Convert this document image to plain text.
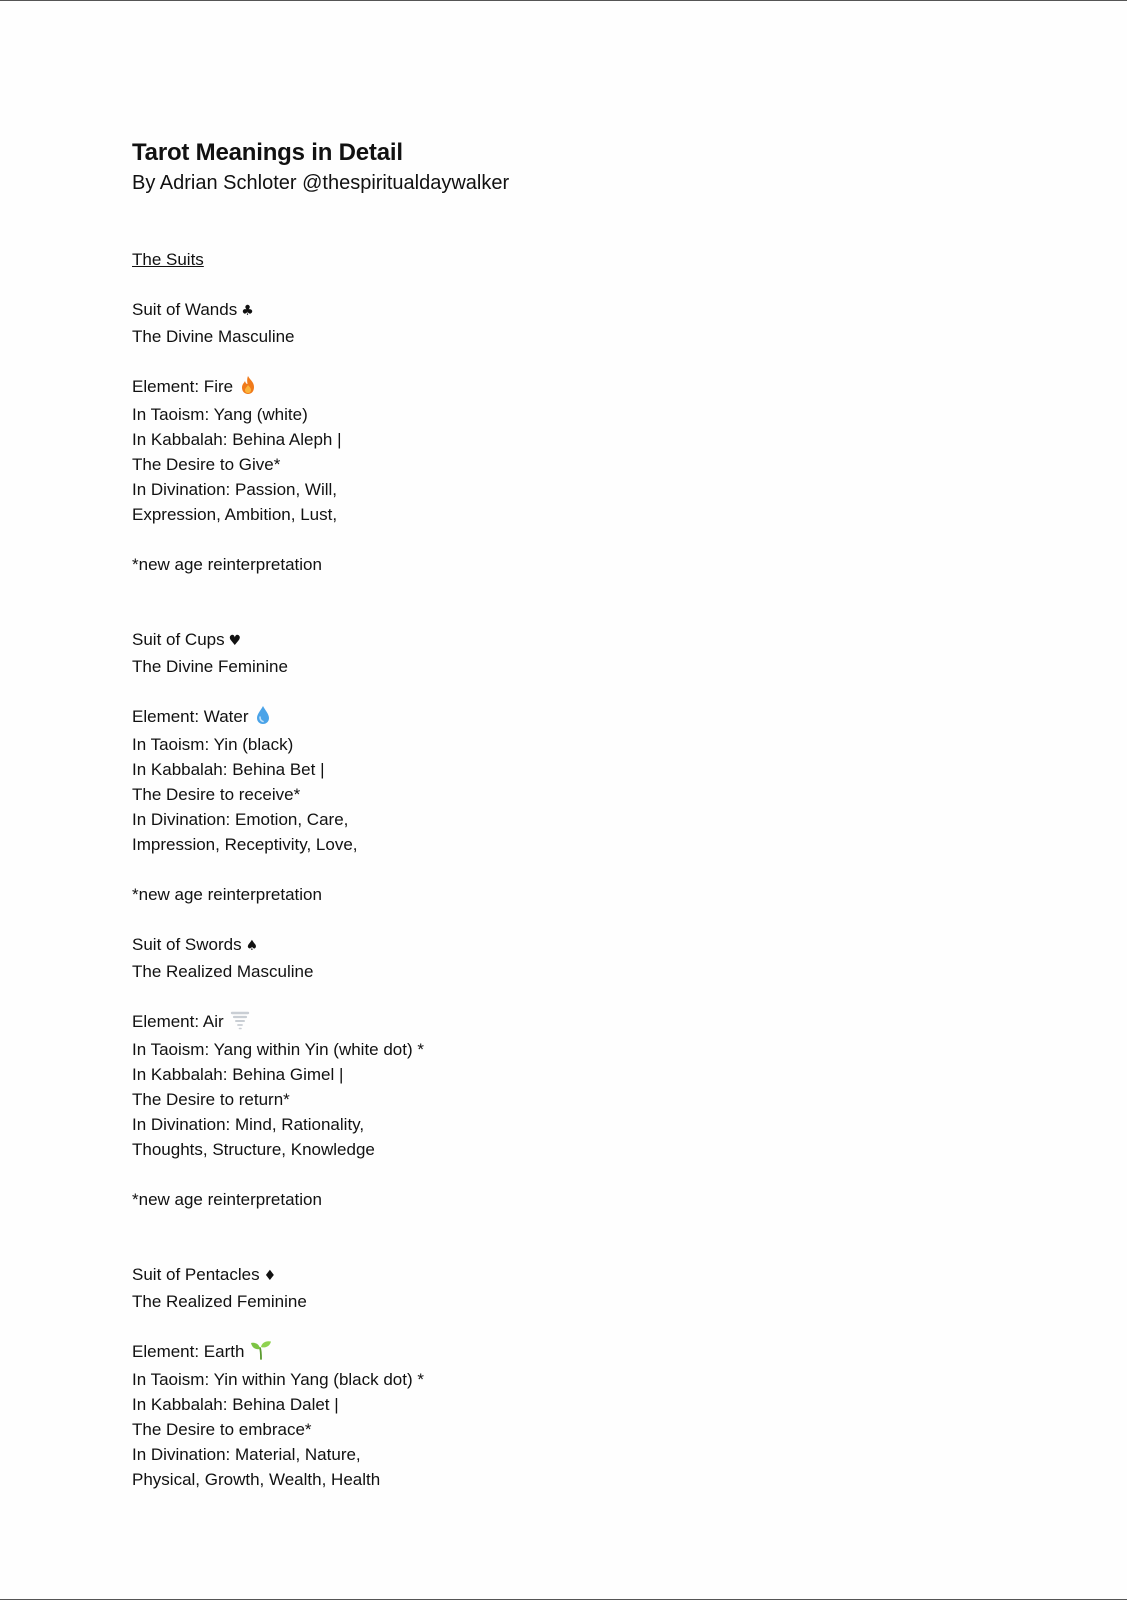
Tarot Meanings in Detail
By Adrian Schloter @thespiritualdaywalker
The Suits
Suit of Wands ♣
The Divine Masculine
Element: Fire
In Taoism: Yang (white)
In Kabbalah: Behina Aleph |
The Desire to Give*
In Divination: Passion, Will,
Expression, Ambition, Lust,
*new age reinterpretation
Suit of Cups ♥
The Divine Feminine
Element: Water
In Taoism: Yin (black)
In Kabbalah: Behina Bet |
The Desire to receive*
In Divination: Emotion, Care,
Impression, Receptivity, Love,
*new age reinterpretation
Suit of Swords ♠
The Realized Masculine
Element: Air
In Taoism: Yang within Yin (white dot) *
In Kabbalah: Behina Gimel |
The Desire to return*
In Divination: Mind, Rationality,
Thoughts, Structure, Knowledge
*new age reinterpretation
Suit of Pentacles ♦
The Realized Feminine
Element: Earth
In Taoism: Yin within Yang (black dot) *
In Kabbalah: Behina Dalet |
The Desire to embrace*
In Divination: Material, Nature,
Physical, Growth, Wealth, Health
